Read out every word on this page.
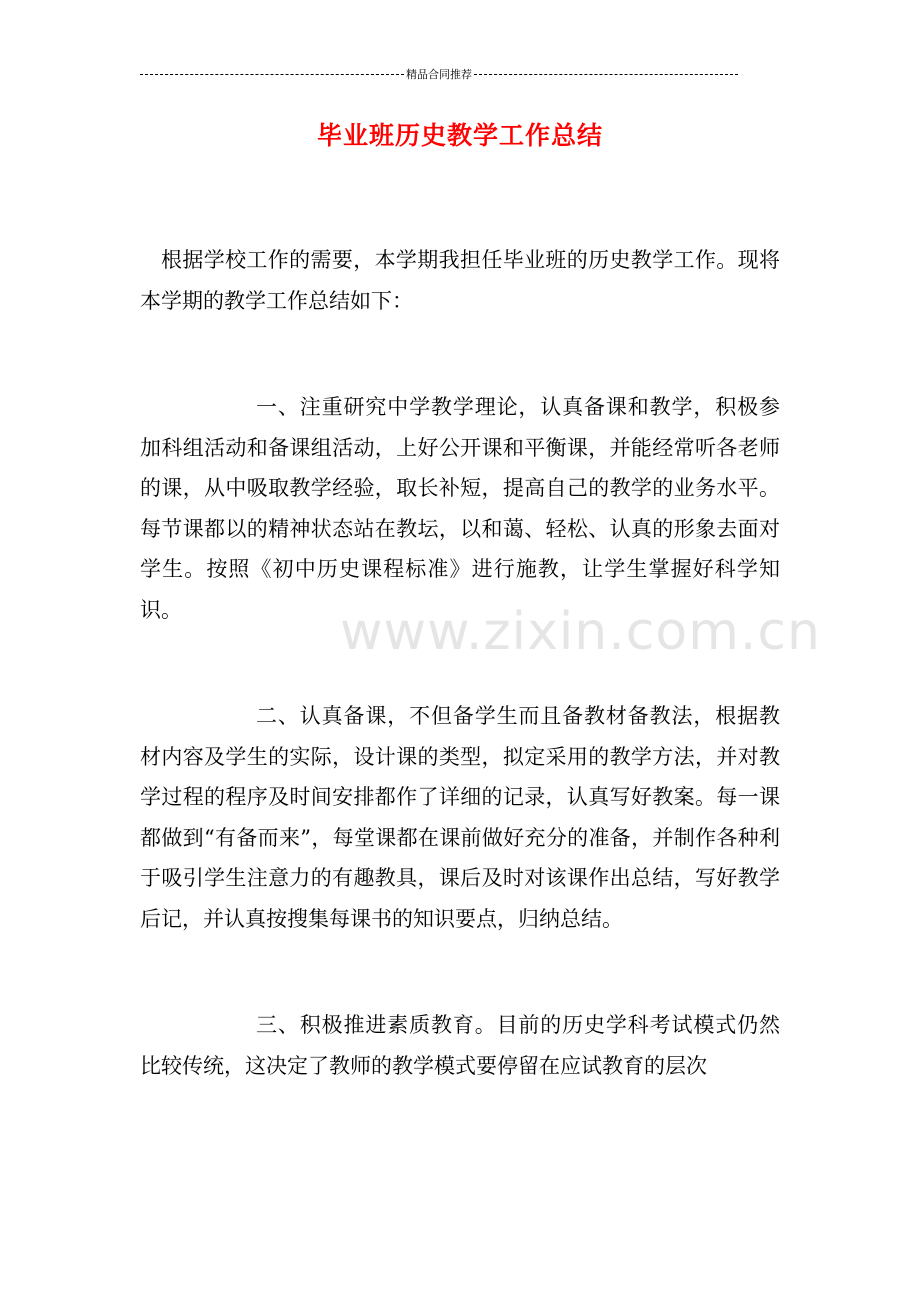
精品合同推荐
毕业班历史教学工作总结

根据学校工作的需要，本学期我担任毕业班的历史教学工作。现将本学期的教学工作总结如下：

一、注重研究中学教学理论，认真备课和教学，积极参加科组活动和备课组活动，上好公开课和平衡课，并能经常听各老师的课，从中吸取教学经验，取长补短，提高自己的教学的业务水平。每节课都以的精神状态站在教坛，以和蔼、轻松、认真的形象去面对学生。按照《初中历史课程标准》进行施教，让学生掌握好科学知识。

二、认真备课，不但备学生而且备教材备教法，根据教材内容及学生的实际，设计课的类型，拟定采用的教学方法，并对教学过程的程序及时间安排都作了详细的记录，认真写好教案。每一课都做到“有备而来”，每堂课都在课前做好充分的准备，并制作各种利于吸引学生注意力的有趣教具，课后及时对该课作出总结，写好教学后记，并认真按搜集每课书的知识要点，归纳总结。

三、积极推进素质教育。目前的历史学科考试模式仍然比较传统，这决定了教师的教学模式要停留在应试教育的层次

www.zixin.com.cn
